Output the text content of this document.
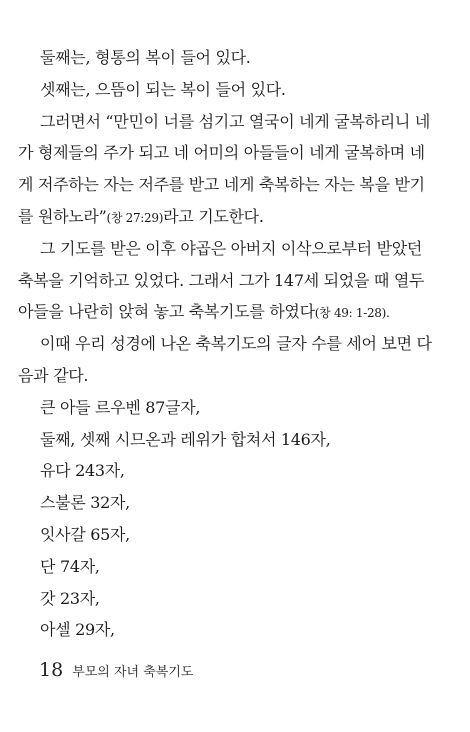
둘째는, 형통의 복이 들어 있다.
셋째는, 으뜸이 되는 복이 들어 있다.
그러면서 “만민이 너를 섬기고 열국이 네게 굴복하리니 네
가 형제들의 주가 되고 네 어미의 아들들이 네게 굴복하며 네
게 저주하는 자는 저주를 받고 네게 축복하는 자는 복을 받기
를 원하노라”(창 27:29)라고 기도한다.
그 기도를 받은 이후 야곱은 아버지 이삭으로부터 받았던
축복을 기억하고 있었다. 그래서 그가 147세 되었을 때 열두
아들을 나란히 앉혀 놓고 축복기도를 하였다(창 49: 1-28).
이때 우리 성경에 나온 축복기도의 글자 수를 세어 보면 다
음과 같다.
큰 아들 르우벤 87글자,
둘째, 셋째 시므온과 레위가 합쳐서 146자,
유다 243자,
스불론 32자,
잇사갈 65자,
단 74자,
갓 23자,
아셀 29자,
18 부모의 자녀 축복기도
